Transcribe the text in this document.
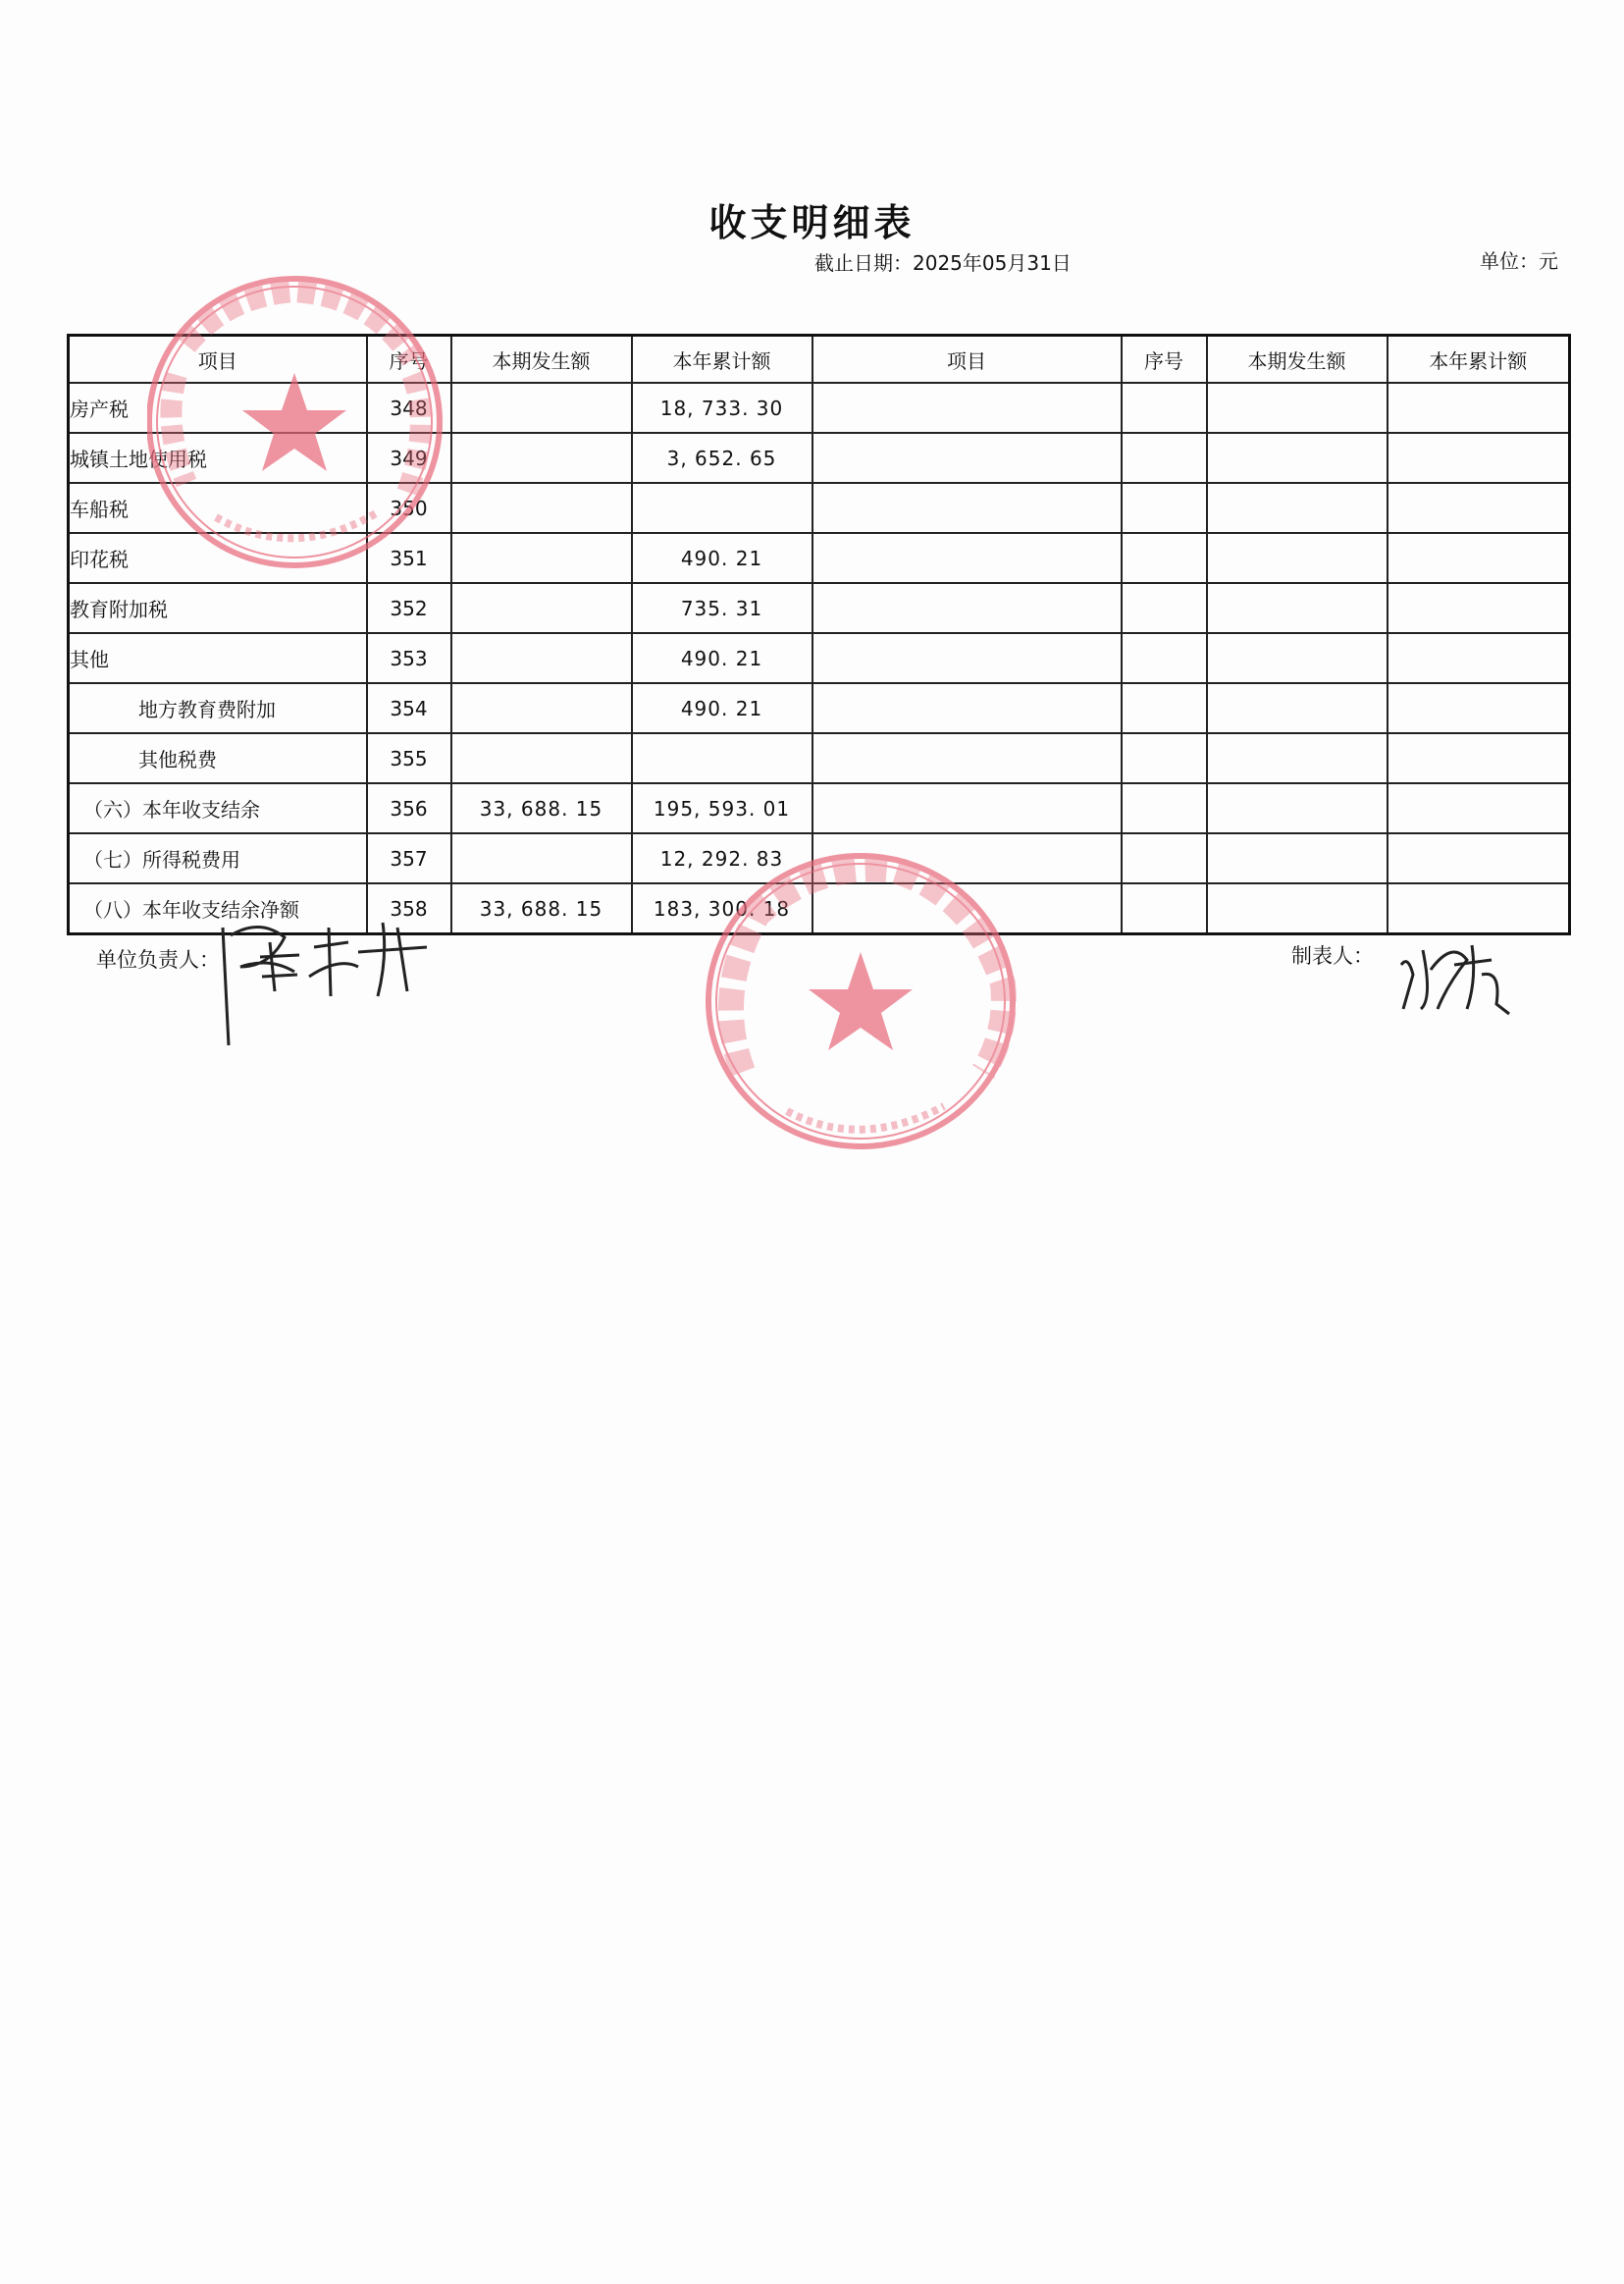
收支明细表
截止日期：2025年05月31日	单位：元
项目	序号	本期发生额	本年累计额	项目	序号	本期发生额	本年累计额
房产税	348		18, 733. 30				
城镇土地使用税	349		3, 652. 65				
车船税	350						
印花税	351		490. 21				
教育附加税	352		735. 31				
其他	353		490. 21				
地方教育费附加	354		490. 21				
其他税费	355						
（六）本年收支结余	356	33, 688. 15	195, 593. 01				
（七）所得税费用	357		12, 292. 83				
（八）本年收支结余净额	358	33, 688. 15	183, 300. 18				
单位负责人：	制表人：
